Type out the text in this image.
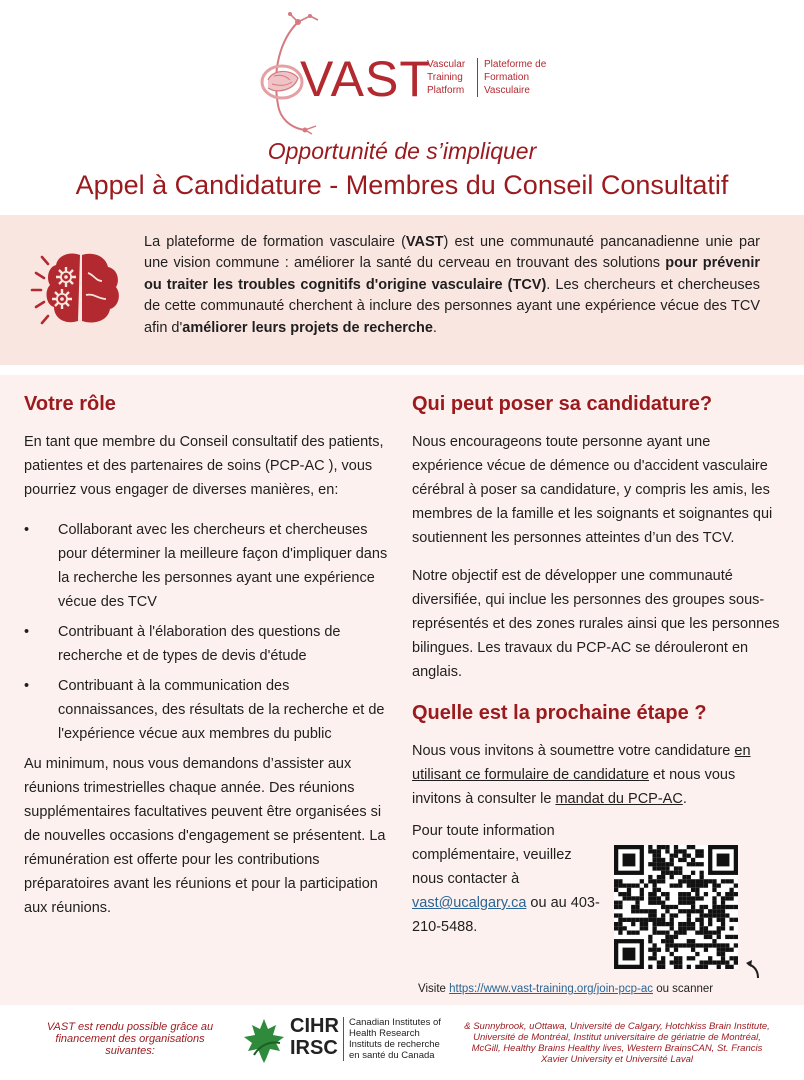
VAST
Vascular
Training
Platform
Plateforme de
Formation
Vasculaire
Opportunité de s’impliquer
Appel à Candidature - Membres du Conseil Consultatif
La plateforme de formation vasculaire (VAST) est une communauté pancanadienne unie par une vision commune : améliorer la santé du cerveau en trouvant des solutions pour prévenir ou traiter les troubles cognitifs d'origine vasculaire (TCV). Les chercheurs et chercheuses de cette communauté cherchent à inclure des personnes ayant une expérience vécue des TCV afin d'améliorer leurs projets de recherche.
Votre rôle
En tant que membre du Conseil consultatif des patients, patientes et des partenaires de soins (PCP-AC ), vous pourriez vous engager de diverses manières, en:
• Collaborant avec les chercheurs et chercheuses pour déterminer la meilleure façon d'impliquer dans la recherche les personnes ayant une expérience vécue des TCV
• Contribuant à l'élaboration des questions de recherche et de types de devis d'étude
• Contribuant à la communication des connaissances, des résultats de la recherche et de l'expérience vécue aux membres du public
Au minimum, nous vous demandons d’assister aux réunions trimestrielles chaque année. Des réunions supplémentaires facultatives peuvent être organisées si de nouvelles occasions d'engagement se présentent. La rémunération est offerte pour les contributions préparatoires avant les réunions et pour la participation aux réunions.
Qui peut poser sa candidature?
Nous encourageons toute personne ayant une expérience vécue de démence ou d'accident vasculaire cérébral à poser sa candidature, y compris les amis, les membres de la famille et les soignants et soignantes qui soutiennent les personnes atteintes d’un des TCV.
Notre objectif est de développer une communauté diversifiée, qui inclue les personnes des groupes sous-représentés et des zones rurales ainsi que les personnes bilingues. Les travaux du PCP-AC se dérouleront en anglais.
Quelle est la prochaine étape ?
Nous vous invitons à soumettre votre candidature en utilisant ce formulaire de candidature et nous vous invitons à consulter le mandat du PCP-AC.
Pour toute information complémentaire, veuillez nous contacter à vast@ucalgary.ca ou au 403-210-5488.
Visite https://www.vast-training.org/join-pcp-ac ou scanner
VAST est rendu possible grâce au financement des organisations suivantes:
CIHR
IRSC
Canadian Institutes of
Health Research
Instituts de recherche
en santé du Canada
& Sunnybrook, uOttawa, Université de Calgary, Hotchkiss Brain Institute, Université de Montréal, Institut universitaire de gériatrie de Montréal, McGill, Healthy Brains Healthy lives, Western BrainsCAN, St. Francis Xavier University et Université Laval
